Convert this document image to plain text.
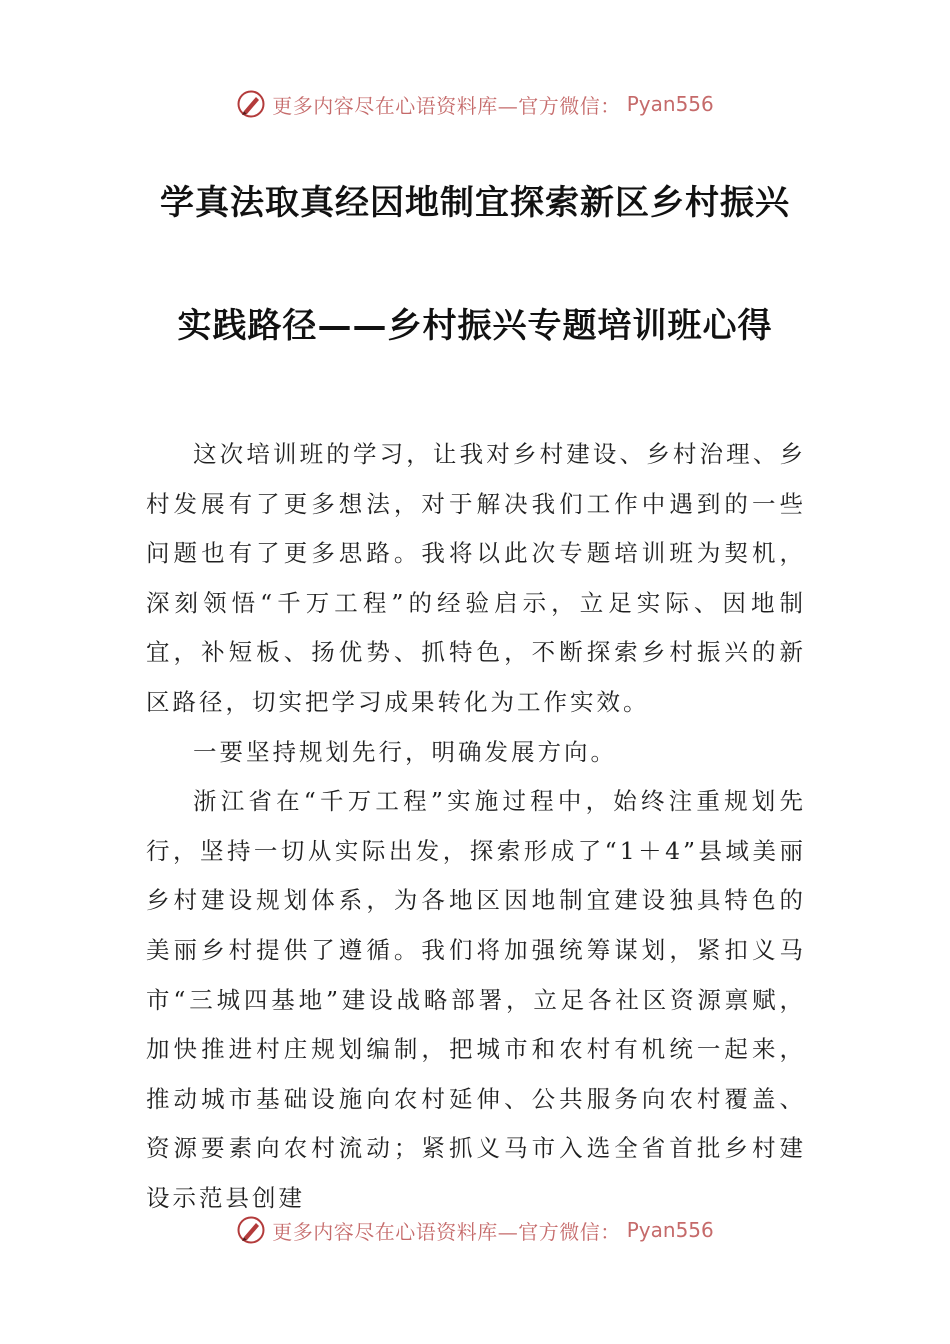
更多内容尽在心语资料库—官方微信： Pyan556
学真法取真经因地制宜探索新区乡村振兴
实践路径——乡村振兴专题培训班心得

这次培训班的学习，让我对乡村建设、乡村治理、乡村发展有了更多想法，对于解决我们工作中遇到的一些问题也有了更多思路。我将以此次专题培训班为契机，深刻领悟“千万工程”的经验启示，立足实际、因地制宜，补短板、扬优势、抓特色，不断探索乡村振兴的新区路径，切实把学习成果转化为工作实效。

一要坚持规划先行，明确发展方向。

浙江省在“千万工程”实施过程中，始终注重规划先行，坚持一切从实际出发，探索形成了“1＋4”县域美丽乡村建设规划体系，为各地区因地制宜建设独具特色的美丽乡村提供了遵循。我们将加强统筹谋划，紧扣义马市“三城四基地”建设战略部署，立足各社区资源禀赋，加快推进村庄规划编制，把城市和农村有机统一起来，推动城市基础设施向农村延伸、公共服务向农村覆盖、资源要素向农村流动；紧抓义马市入选全省首批乡村建设示范县创建

更多内容尽在心语资料库—官方微信： Pyan556
